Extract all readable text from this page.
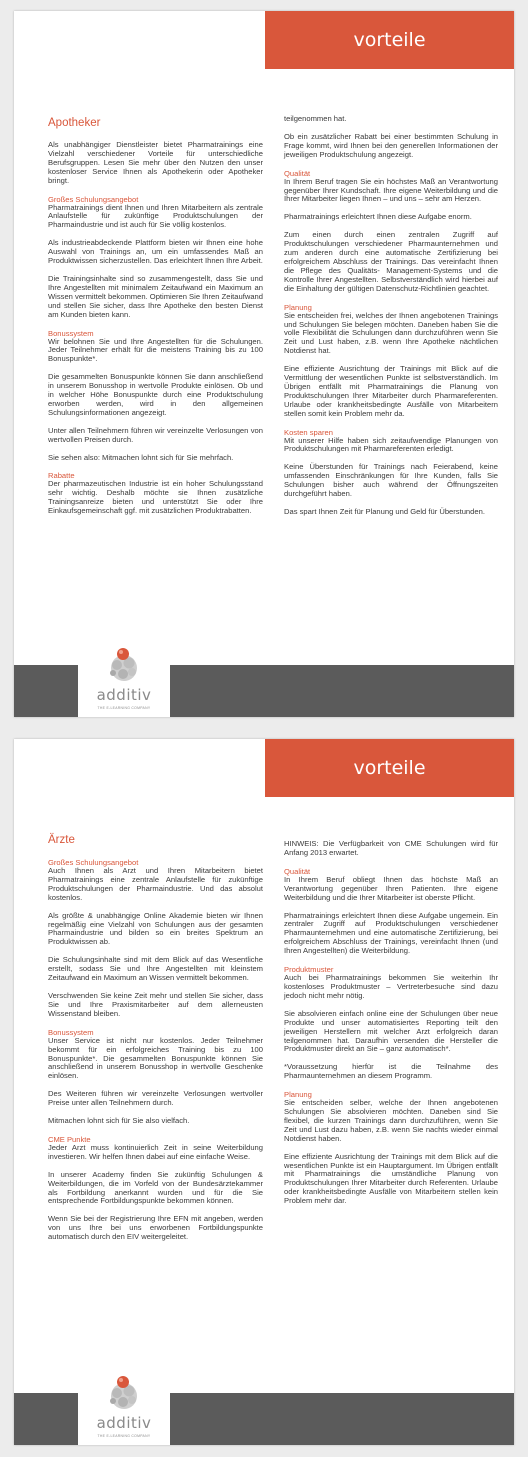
vorteile
Apotheker

Als unabhängiger Dienstleister bietet Pharmatrainings eine Vielzahl verschiedener Vorteile für unterschiedliche Berufsgruppen. Lesen Sie mehr über den Nutzen den unser kostenloser Service Ihnen als Apothekerin oder Apotheker bringt.

Großes Schulungsangebot

Pharmatrainings dient Ihnen und Ihren Mitarbeitern als zentrale Anlaufstelle für zukünftige Produktschulungen der Pharmaindustrie und ist auch für Sie völlig kostenlos.

Als industrieabdeckende Plattform bieten wir Ihnen eine hohe Auswahl von Trainings an, um ein umfassendes Maß an Produktwissen sicherzustellen. Das erleichtert Ihnen Ihre Arbeit.

Die Trainingsinhalte sind so zusammengestellt, dass Sie und Ihre Angestellten mit minimalem Zeitaufwand ein Maximum an Wissen vermittelt bekommen. Optimieren Sie Ihren Zeitaufwand und stellen Sie sicher, dass Ihre Apotheke den besten Dienst am Kunden bieten kann.

Bonussystem

Wir belohnen Sie und Ihre Angestellten für die Schulungen. Jeder Teilnehmer erhält für die meistens Training bis zu 100 Bonuspunkte*.

Die gesammelten Bonuspunkte können Sie dann anschließend in unserem Bonusshop in wertvolle Produkte einlösen. Ob und in welcher Höhe Bonuspunkte durch eine Produktschulung erworben werden, wird in den allgemeinen Schulungsinformationen angezeigt.

Unter allen Teilnehmern führen wir vereinzelte Verlosungen von wertvollen Preisen durch.

Sie sehen also: Mitmachen lohnt sich für Sie mehrfach.

Rabatte

Der pharmazeutischen Industrie ist ein hoher Schulungsstand sehr wichtig. Deshalb möchte sie Ihnen zusätzliche Trainingsanreize bieten und unterstützt Sie oder Ihre Einkaufsgemeinschaft ggf. mit zusätzlichen Produktrabatten.

teilgenommen hat.

Ob ein zusätzlicher Rabatt bei einer bestimmten Schulung in Frage kommt, wird Ihnen bei den generellen Informationen der jeweiligen Produktschulung angezeigt.

Qualität

In Ihrem Beruf tragen Sie ein höchstes Maß an Verantwortung gegenüber Ihrer Kundschaft. Ihre eigene Weiterbildung und die Ihrer Mitarbeiter liegen Ihnen – und uns – sehr am Herzen.

Pharmatrainings erleichtert Ihnen diese Aufgabe enorm.

Zum einen durch einen zentralen Zugriff auf Produktschulungen verschiedener Pharmaunternehmen und zum anderen durch eine automatische Zertifizierung bei erfolgreichem Abschluss der Trainings. Das vereinfacht Ihnen die Pflege des Qualitäts- Management-Systems und die Kontrolle Ihrer Angestellten. Selbstverständlich wird hierbei auf die Einhaltung der gültigen Datenschutz-Richtlinien geachtet.

Planung

Sie entscheiden frei, welches der Ihnen angebotenen Trainings und Schulungen Sie belegen möchten. Daneben haben Sie die volle Flexibilität die Schulungen dann durchzuführen wenn Sie Zeit und Lust haben, z.B. wenn Ihre Apotheke nächtlichen Notdienst hat.

Eine effiziente Ausrichtung der Trainings mit Blick auf die Vermittlung der wesentlichen Punkte ist selbstverständlich. Im Übrigen entfällt mit Pharmatrainings die Planung von Produktschulungen Ihrer Mitarbeiter durch Pharmareferenten. Urlaube oder krankheitsbedingte Ausfälle von Mitarbeitern stellen somit kein Problem mehr da.

Kosten sparen

Mit unserer Hilfe haben sich zeitaufwendige Planungen von Produktschulungen mit Pharmareferenten erledigt.

Keine Überstunden für Trainings nach Feierabend, keine umfassenden Einschränkungen für Ihre Kunden, falls Sie Schulungen bisher auch während der Öffnungszeiten durchgeführt haben.

Das spart Ihnen Zeit für Planung und Geld für Überstunden.

additiv
THE E-LEARNING COMPANY
vorteile
Ärzte

Großes Schulungsangebot

Auch Ihnen als Arzt und Ihren Mitarbeitern bietet Pharmatrainings eine zentrale Anlaufstelle für zukünftige Produktschulungen der Pharmaindustrie. Und das absolut kostenlos.

Als größte & unabhängige Online Akademie bieten wir Ihnen regelmäßig eine Vielzahl von Schulungen aus der gesamten Pharmaindustrie und bilden so ein breites Spektrum an Produktwissen ab.

Die Schulungsinhalte sind mit dem Blick auf das Wesentliche erstellt, sodass Sie und Ihre Angestellten mit kleinstem Zeitaufwand ein Maximum an Wissen vermittelt bekommen.

Verschwenden Sie keine Zeit mehr und stellen Sie sicher, dass Sie und Ihre Praxismitarbeiter auf dem allerneusten Wissenstand bleiben.

Bonussystem

Unser Service ist nicht nur kostenlos. Jeder Teilnehmer bekommt für ein erfolgreiches Training bis zu 100 Bonuspunkte*. Die gesammelten Bonuspunkte können Sie anschließend in unserem Bonusshop in wertvolle Geschenke einlösen.

Des Weiteren führen wir vereinzelte Verlosungen wertvoller Preise unter allen Teilnehmern durch.

Mitmachen lohnt sich für Sie also vielfach.

CME Punkte

Jeder Arzt muss kontinuierlich Zeit in seine Weiterbildung investieren. Wir helfen Ihnen dabei auf eine einfache Weise.

In unserer Academy finden Sie zukünftig Schulungen & Weiterbildungen, die im Vorfeld von der Bundesärztekammer als Fortbildung anerkannt wurden und für die Sie entsprechende Fortbildungspunkte bekommen können.

Wenn Sie bei der Registrierung Ihre EFN mit angeben, werden von uns Ihre bei uns erworbenen Fortbildungspunkte automatisch durch den EIV weitergeleitet.

HINWEIS: Die Verfügbarkeit von CME Schulungen wird für Anfang 2013 erwartet.

Qualität

In Ihrem Beruf obliegt Ihnen das höchste Maß an Verantwortung gegenüber Ihren Patienten. Ihre eigene Weiterbildung und die Ihrer Mitarbeiter ist oberste Pflicht.

Pharmatrainings erleichtert Ihnen diese Aufgabe ungemein. Ein zentraler Zugriff auf Produktschulungen verschiedener Pharmaunternehmen und eine automatische Zertifizierung, bei erfolgreichem Abschluss der Trainings, vereinfacht Ihnen (und Ihren Angestellten) die Weiterbildung.

Produktmuster

Auch bei Pharmatrainings bekommen Sie weiterhin Ihr kostenloses Produktmuster – Vertreterbesuche sind dazu jedoch nicht mehr nötig.

Sie absolvieren einfach online eine der Schulungen über neue Produkte und unser automatisiertes Reporting teilt den jeweiligen Herstellern mit welcher Arzt erfolgreich daran teilgenommen hat. Daraufhin versenden die Hersteller die Produktmuster direkt an Sie – ganz automatisch*.

*Voraussetzung hierfür ist die Teilnahme des Pharmaunternehmen an diesem Programm.

Planung

Sie entscheiden selber, welche der Ihnen angebotenen Schulungen Sie absolvieren möchten. Daneben sind Sie flexibel, die kurzen Trainings dann durchzuführen, wenn Sie Zeit und Lust dazu haben, z.B. wenn Sie nachts wieder einmal Notdienst haben.

Eine effiziente Ausrichtung der Trainings mit dem Blick auf die wesentlichen Punkte ist ein Hauptargument. Im Übrigen entfällt mit Pharmatrainings die umständliche Planung von Produktschulungen Ihrer Mitarbeiter durch Referenten. Urlaube oder krankheitsbedingte Ausfälle von Mitarbeitern stellen kein Problem mehr dar.

additiv
THE E-LEARNING COMPANY
